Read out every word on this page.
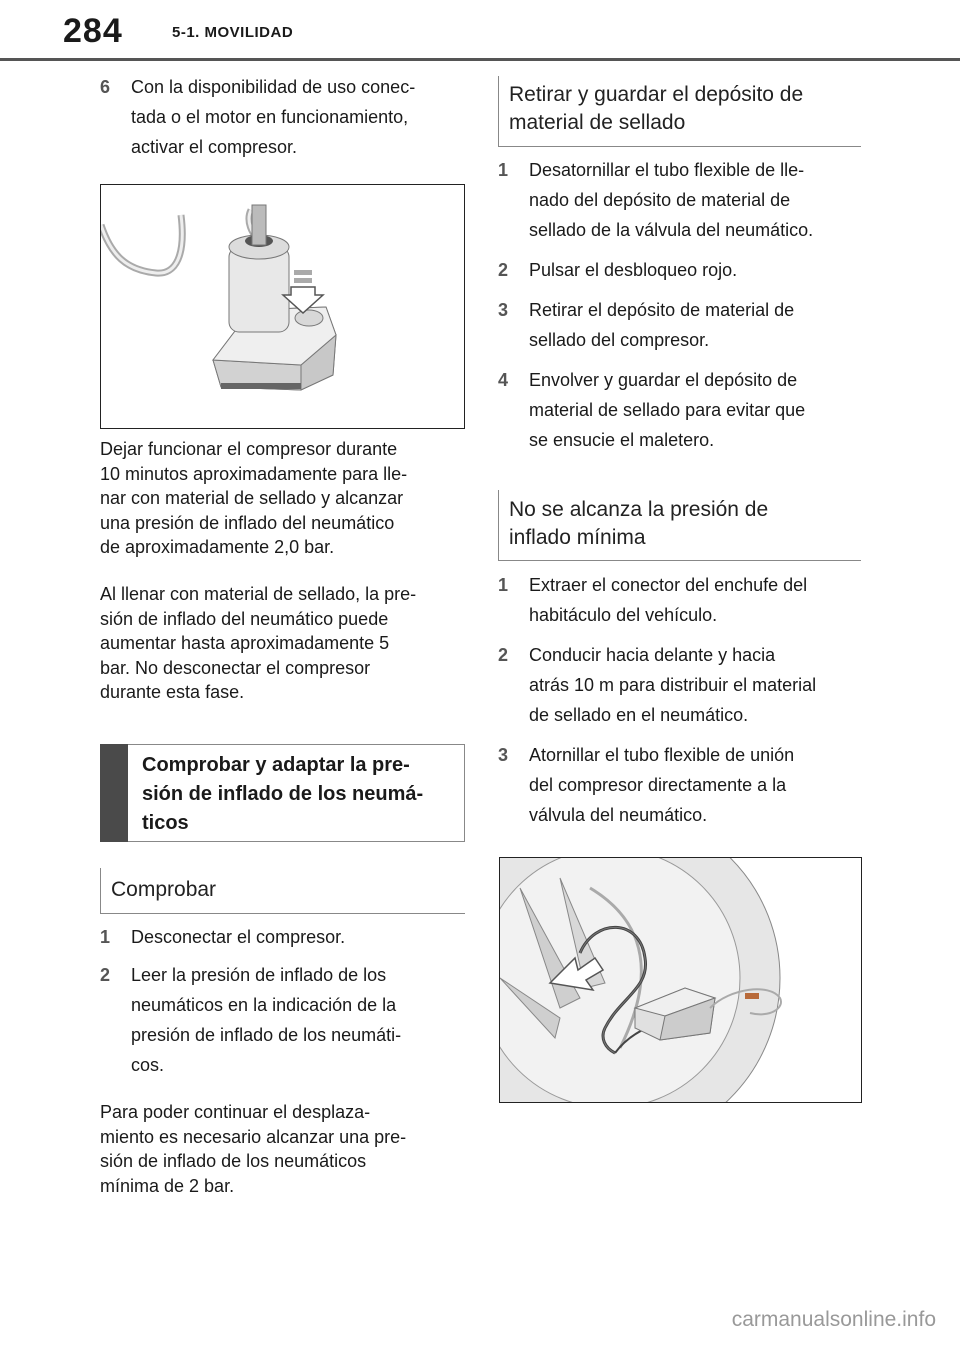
284	5-1. MOVILIDAD
6 Con la disponibilidad de uso conec-
tada o el motor en funcionamiento,
activar el compresor.

Dejar funcionar el compresor durante
10 minutos aproximadamente para lle-
nar con material de sellado y alcanzar
una presión de inflado del neumático
de aproximadamente 2,0 bar.

Al llenar con material de sellado, la pre-
sión de inflado del neumático puede
aumentar hasta aproximadamente 5
bar. No desconectar el compresor
durante esta fase.

Comprobar y adaptar la pre-
sión de inflado de los neumá-
ticos
Comprobar
1 Desconectar el compresor.
2 Leer la presión de inflado de los
neumáticos en la indicación de la
presión de inflado de los neumáti-
cos.

Para poder continuar el desplaza-
miento es necesario alcanzar una pre-
sión de inflado de los neumáticos
mínima de 2 bar.

Retirar y guardar el depósito de
material de sellado
1 Desatornillar el tubo flexible de lle-
nado del depósito de material de
sellado de la válvula del neumático.
2 Pulsar el desbloqueo rojo.
3 Retirar el depósito de material de
sellado del compresor.
4 Envolver y guardar el depósito de
material de sellado para evitar que
se ensucie el maletero.
No se alcanza la presión de
inflado mínima
1 Extraer el conector del enchufe del
habitáculo del vehículo.
2 Conducir hacia delante y hacia
atrás 10 m para distribuir el material
de sellado en el neumático.
3 Atornillar el tubo flexible de unión
del compresor directamente a la
válvula del neumático.
carmanualsonline.info
